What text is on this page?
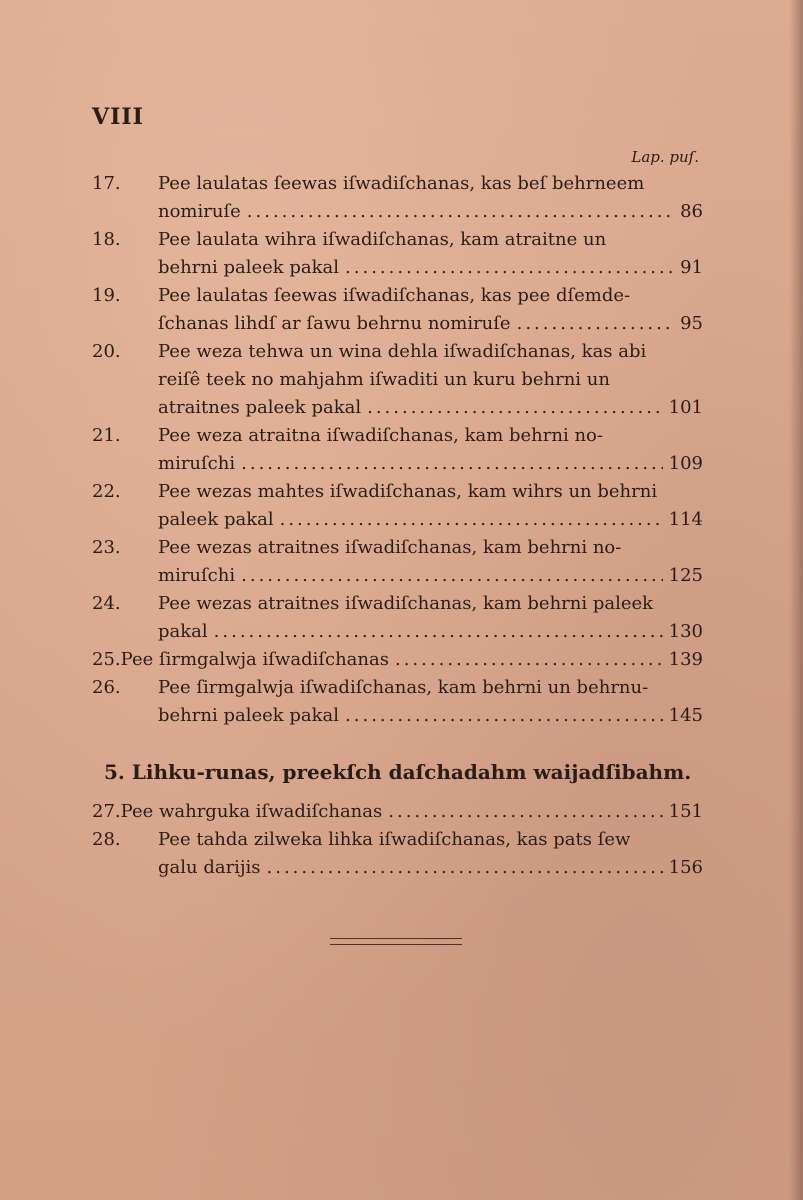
VIII
Lap. puſ.
17. Pee laulatas ſeewas iſwadiſchanas, kas beſ behrneem
nomiruſe .....	86
18. Pee laulata wihra iſwadiſchanas, kam atraitne un
behrni paleek pakal .....	91
19. Pee laulatas ſeewas iſwadiſchanas, kas pee dſemde-
ſchanas lihdſ ar ſawu behrnu nomiruſe .....	95
20. Pee weza tehwa un wina dehla iſwadiſchanas, kas abi
reiſê teek no mahjahm iſwaditi un kuru behrni un
atraitnes paleek pakal .....	101
21. Pee weza atraitna iſwadiſchanas, kam behrni no-
miruſchi .....	109
22. Pee wezas mahtes iſwadiſchanas, kam wihrs un behrni
paleek pakal .....	114
23. Pee wezas atraitnes iſwadiſchanas, kam behrni no-
miruſchi .....	125
24. Pee wezas atraitnes iſwadiſchanas, kam behrni paleek
pakal .....	130
25. Pee ſirmgalwja iſwadiſchanas .....	139
26. Pee ſirmgalwja iſwadiſchanas, kam behrni un behrnu-
behrni paleek pakal .....	145
5. Lihku-runas, preekſch daſchadahm waijadſibahm.
27. Pee wahrguka iſwadiſchanas .....	151
28. Pee tahda zilweka lihka iſwadiſchanas, kas pats ſew
galu darijis .....	156
